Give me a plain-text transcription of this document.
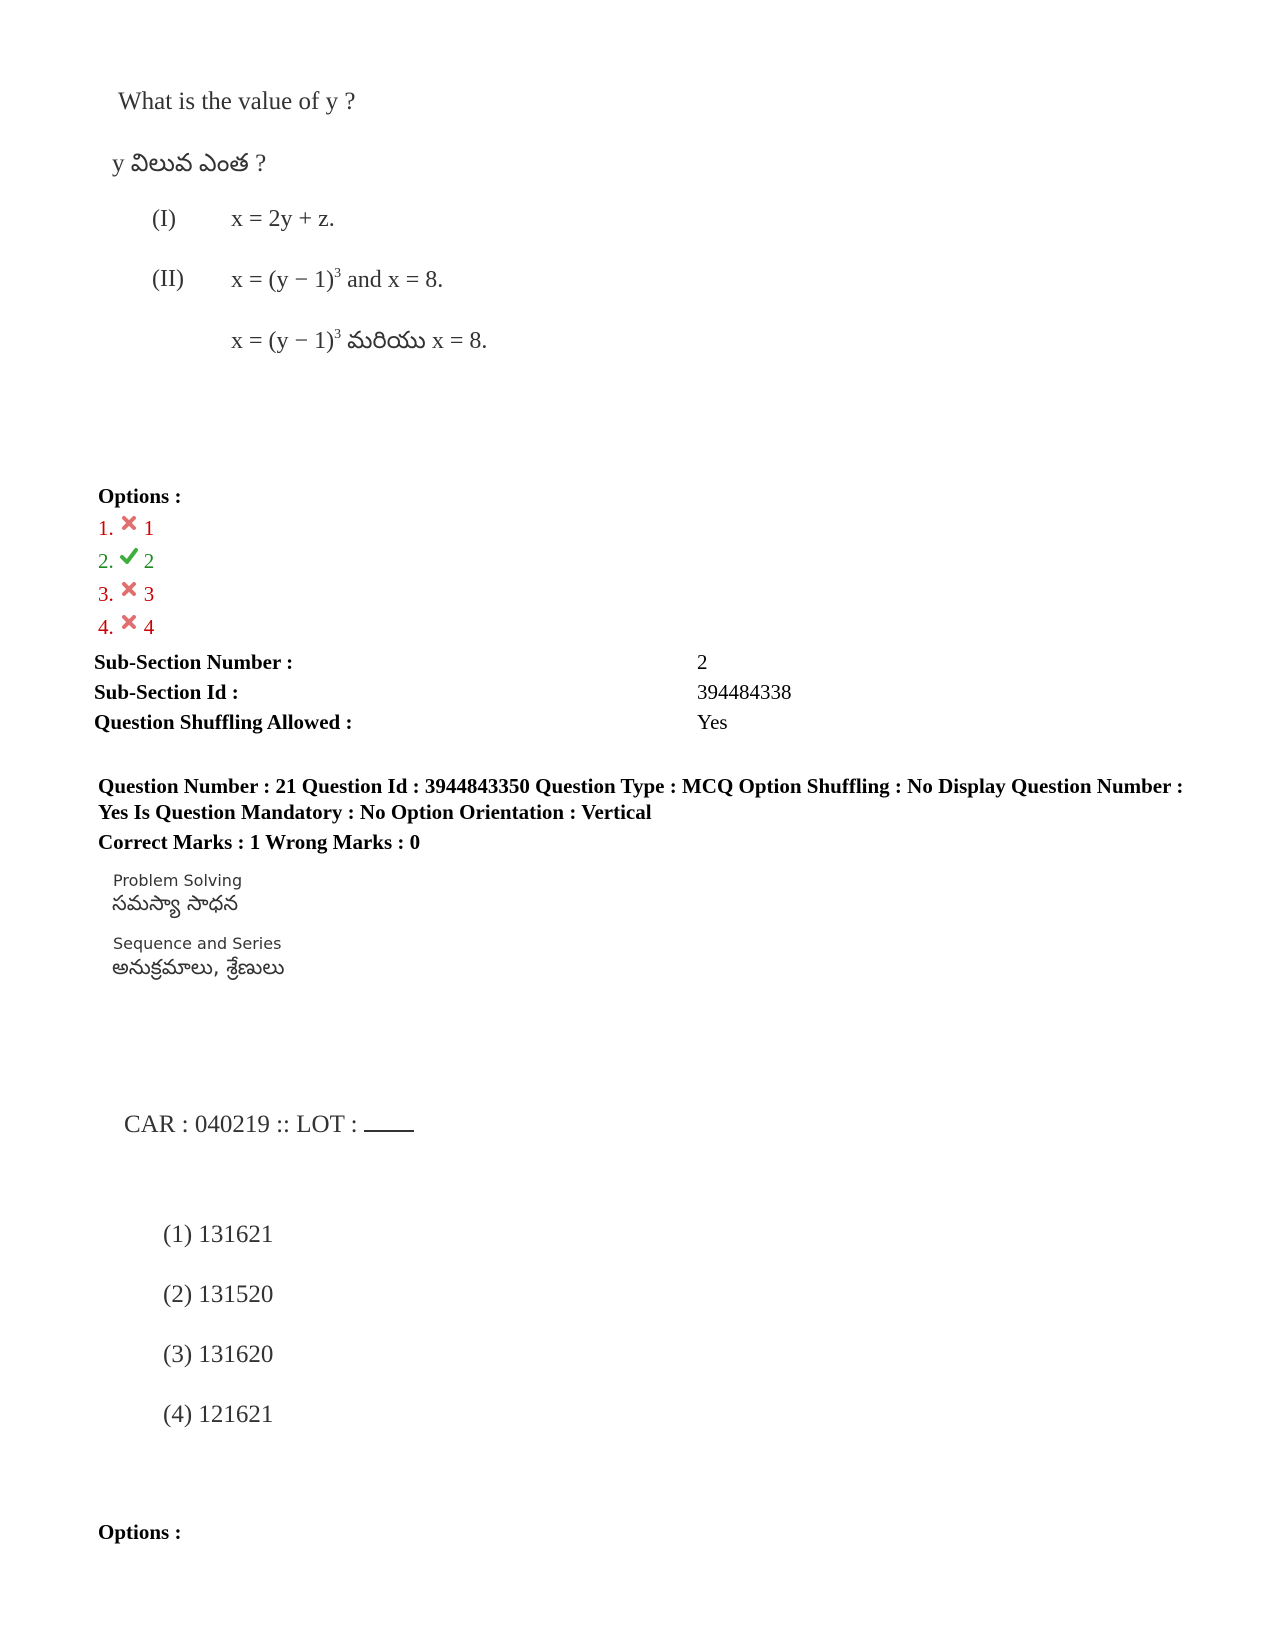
What is the value of y ?
y విలువ ఎంత ?
(I) x = 2y + z.
(II) $x = (y - 1)^3$ and x = 8.
$x = (y - 1)^3$ మరియు x = 8.
Options :
1. 1
2. 2
3. 3
4. 4
Sub-Section Number :	2
Sub-Section Id :	394484338
Question Shuffling Allowed :	Yes
Question Number : 21 Question Id : 3944843350 Question Type : MCQ Option Shuffling : No Display Question Number : Yes Is Question Mandatory : No Option Orientation : Vertical
Correct Marks : 1 Wrong Marks : 0
Problem Solving
సమస్యా సాధన
Sequence and Series
అనుక్రమాలు, శ్రేణులు
CAR : 040219 :: LOT :
(1) 131621
(2) 131520
(3) 131620
(4) 121621
Options :
